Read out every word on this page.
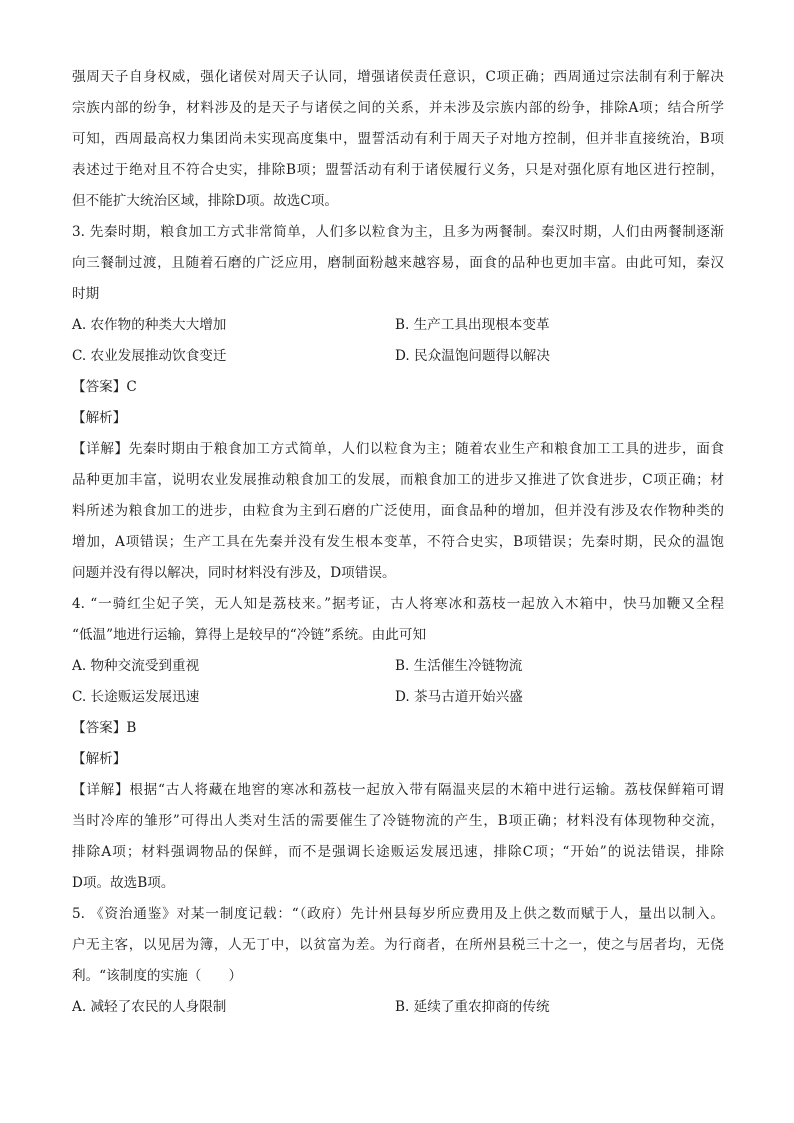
强周天子自身权威，强化诸侯对周天子认同，增强诸侯责任意识，C项正确；西周通过宗法制有利于解决
宗族内部的纷争，材料涉及的是天子与诸侯之间的关系，并未涉及宗族内部的纷争，排除A项；结合所学
可知，西周最高权力集团尚未实现高度集中，盟誓活动有利于周天子对地方控制，但并非直接统治，B项
表述过于绝对且不符合史实，排除B项；盟誓活动有利于诸侯履行义务，只是对强化原有地区进行控制，
但不能扩大统治区域，排除D项。故选C项。
3. 先秦时期，粮食加工方式非常简单，人们多以粒食为主，且多为两餐制。秦汉时期，人们由两餐制逐渐
向三餐制过渡，且随着石磨的广泛应用，磨制面粉越来越容易，面食的品种也更加丰富。由此可知，秦汉
时期
A. 农作物的种类大大增加	B. 生产工具出现根本变革
C. 农业发展推动饮食变迁	D. 民众温饱问题得以解决
【答案】C
【解析】
【详解】先秦时期由于粮食加工方式简单，人们以粒食为主；随着农业生产和粮食加工工具的进步，面食
品种更加丰富，说明农业发展推动粮食加工的发展，而粮食加工的进步又推进了饮食进步，C项正确；材
料所述为粮食加工的进步，由粒食为主到石磨的广泛使用，面食品种的增加，但并没有涉及农作物种类的
增加，A项错误；生产工具在先秦并没有发生根本变革，不符合史实，B项错误；先秦时期，民众的温饱
问题并没有得以解决，同时材料没有涉及，D项错误。
4. “一骑红尘妃子笑，无人知是荔枝来。”据考证，古人将寒冰和荔枝一起放入木箱中，快马加鞭又全程
“低温”地进行运输，算得上是较早的“冷链”系统。由此可知
A. 物种交流受到重视	B. 生活催生冷链物流
C. 长途贩运发展迅速	D. 茶马古道开始兴盛
【答案】B
【解析】
【详解】根据“古人将藏在地窖的寒冰和荔枝一起放入带有隔温夹层的木箱中进行运输。荔枝保鲜箱可谓
当时冷库的雏形”可得出人类对生活的需要催生了冷链物流的产生，B项正确；材料没有体现物种交流，
排除A项；材料强调物品的保鲜，而不是强调长途贩运发展迅速，排除C项；“开始”的说法错误，排除
D项。故选B项。
5. 《资治通鉴》对某一制度记载：“（政府）先计州县每岁所应费用及上供之数而赋于人，量出以制入。
户无主客，以见居为簿，人无丁中，以贫富为差。为行商者，在所州县税三十之一，使之与居者均，无侥
利。“该制度的实施（　　）
A. 减轻了农民的人身限制	B. 延续了重农抑商的传统
